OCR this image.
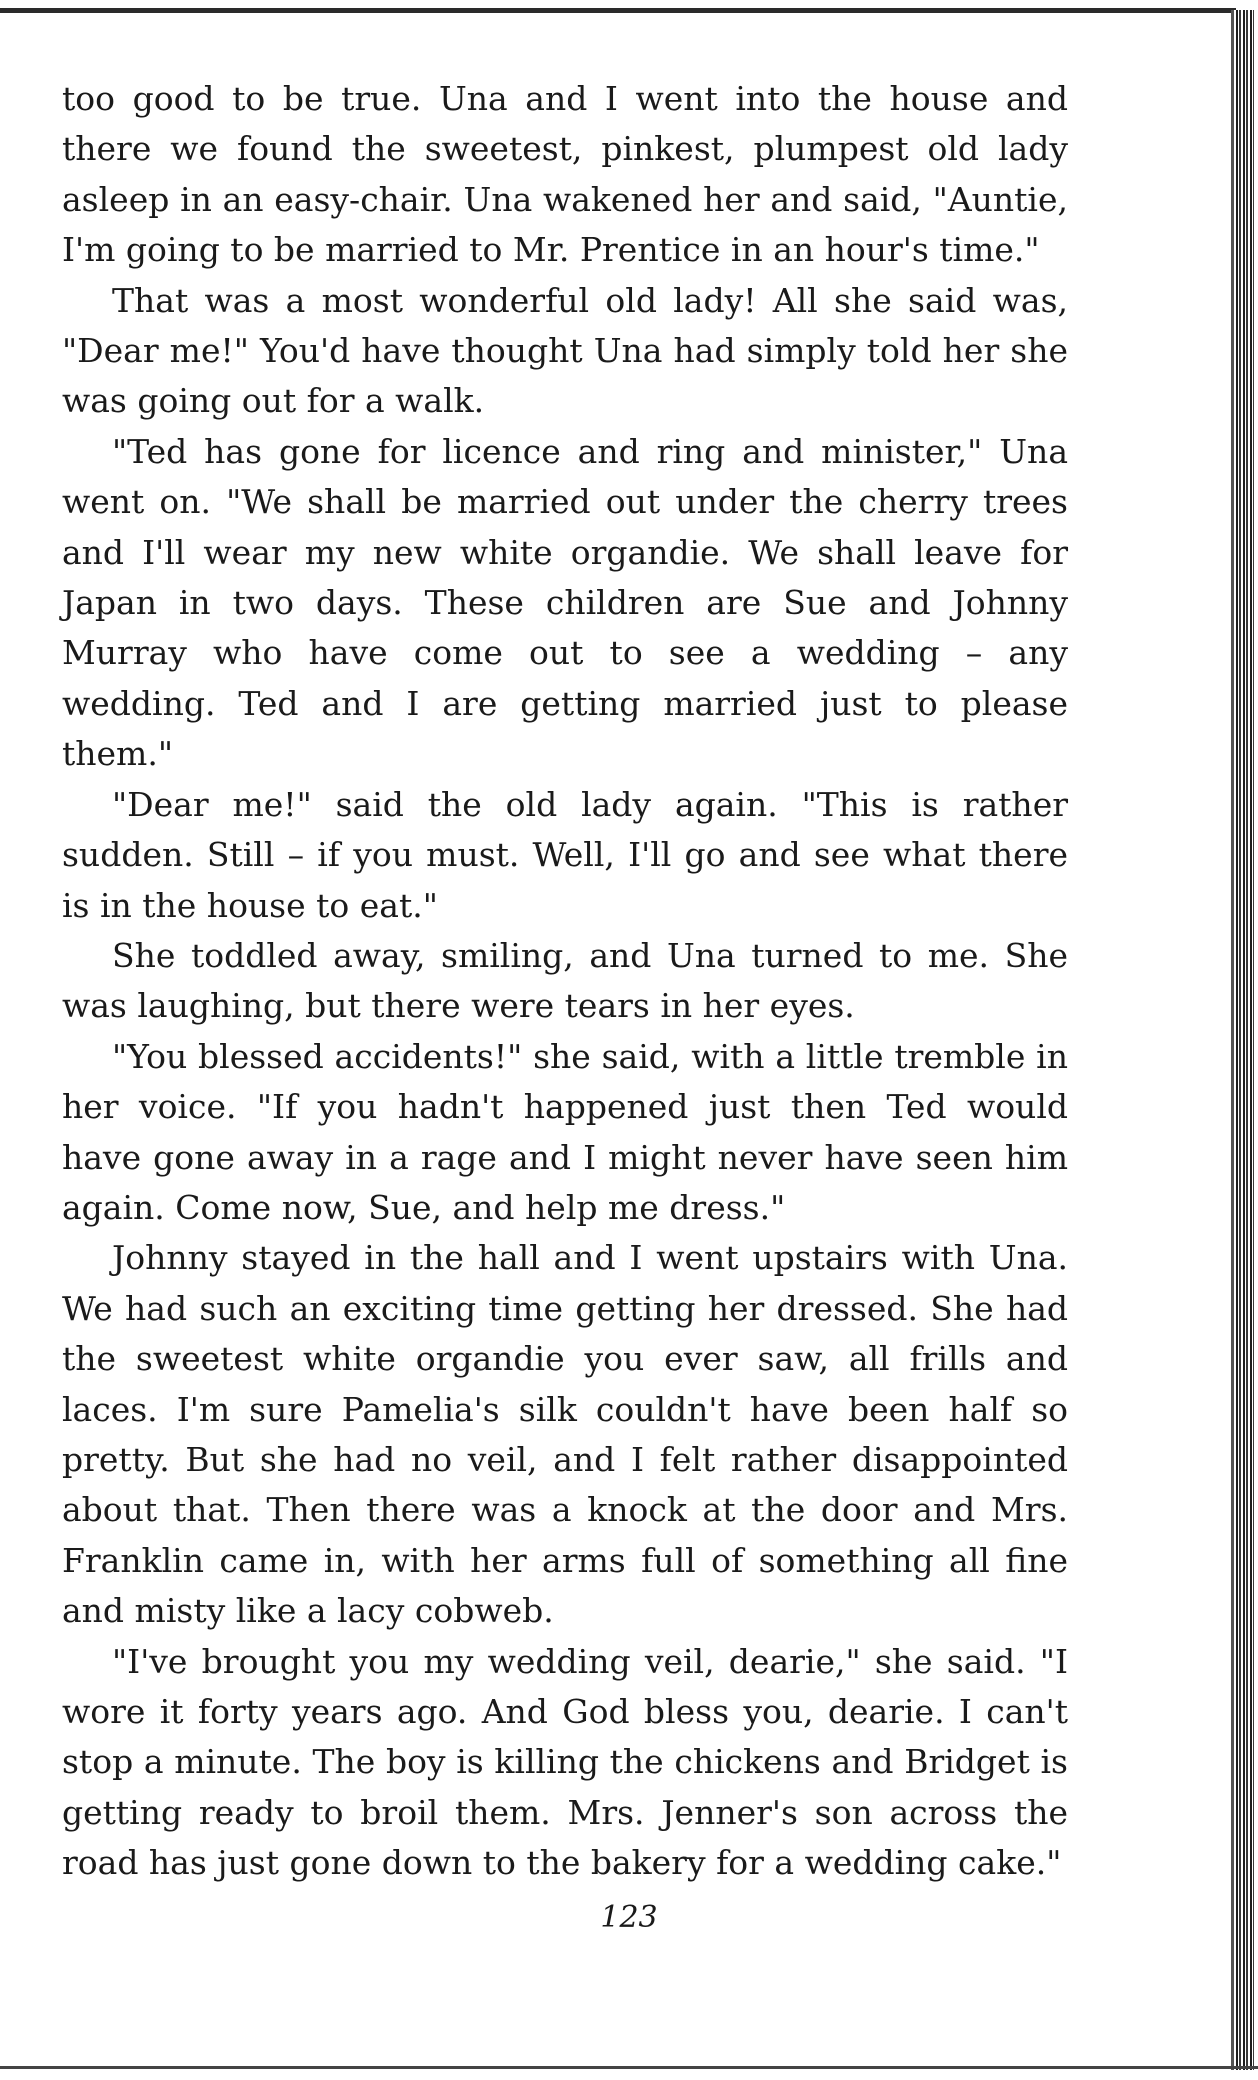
too good to be true. Una and I went into the house and there we found the sweetest, pinkest, plumpest old lady asleep in an easy-chair. Una wakened her and said, "Auntie, I'm going to be married to Mr. Prentice in an hour's time."

That was a most wonderful old lady! All she said was, "Dear me!" You'd have thought Una had simply told her she was going out for a walk.

"Ted has gone for licence and ring and minister," Una went on. "We shall be married out under the cherry trees and I'll wear my new white organdie. We shall leave for Japan in two days. These children are Sue and Johnny Murray who have come out to see a wedding – any wedding. Ted and I are getting married just to please them."

"Dear me!" said the old lady again. "This is rather sudden. Still – if you must. Well, I'll go and see what there is in the house to eat."

She toddled away, smiling, and Una turned to me. She was laughing, but there were tears in her eyes.

"You blessed accidents!" she said, with a little tremble in her voice. "If you hadn't happened just then Ted would have gone away in a rage and I might never have seen him again. Come now, Sue, and help me dress."

Johnny stayed in the hall and I went upstairs with Una. We had such an exciting time getting her dressed. She had the sweetest white organdie you ever saw, all frills and laces. I'm sure Pamelia's silk couldn't have been half so pretty. But she had no veil, and I felt rather disappointed about that. Then there was a knock at the door and Mrs. Franklin came in, with her arms full of something all fine and misty like a lacy cobweb.

"I've brought you my wedding veil, dearie," she said. "I wore it forty years ago. And God bless you, dearie. I can't stop a minute. The boy is killing the chickens and Bridget is getting ready to broil them. Mrs. Jenner's son across the road has just gone down to the bakery for a wedding cake."

123
